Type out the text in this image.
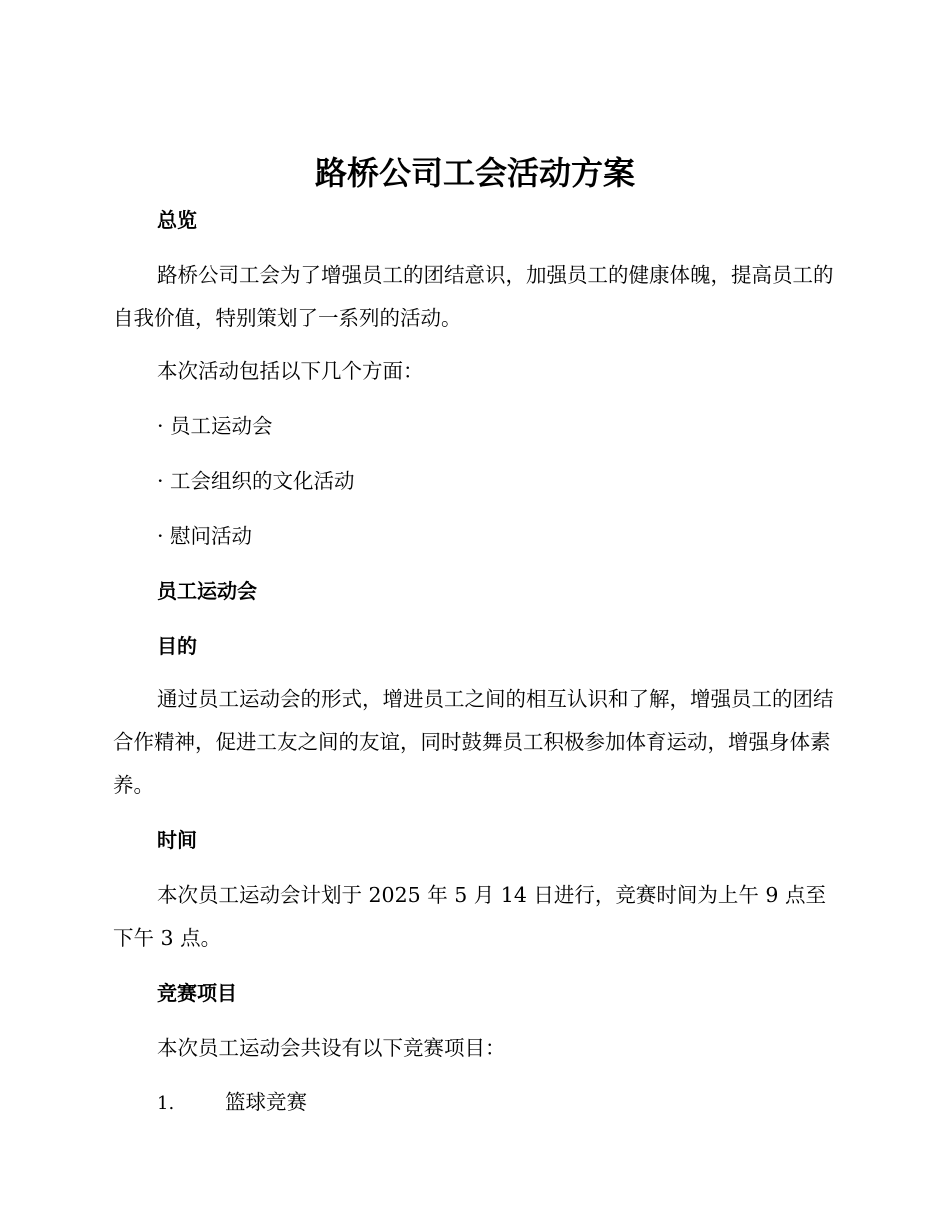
路桥公司工会活动方案
总览

路桥公司工会为了增强员工的团结意识，加强员工的健康体魄，提高员工的自我价值，特别策划了一系列的活动。

本次活动包括以下几个方面：

· 员工运动会

· 工会组织的文化活动

· 慰问活动

员工运动会
目的

通过员工运动会的形式，增进员工之间的相互认识和了解，增强员工的团结合作精神，促进工友之间的友谊，同时鼓舞员工积极参加体育运动，增强身体素养。

时间

本次员工运动会计划于 2025 年 5 月 14 日进行，竞赛时间为上午 9 点至下午 3 点。

竞赛项目

本次员工运动会共设有以下竞赛项目：

1. 篮球竞赛
